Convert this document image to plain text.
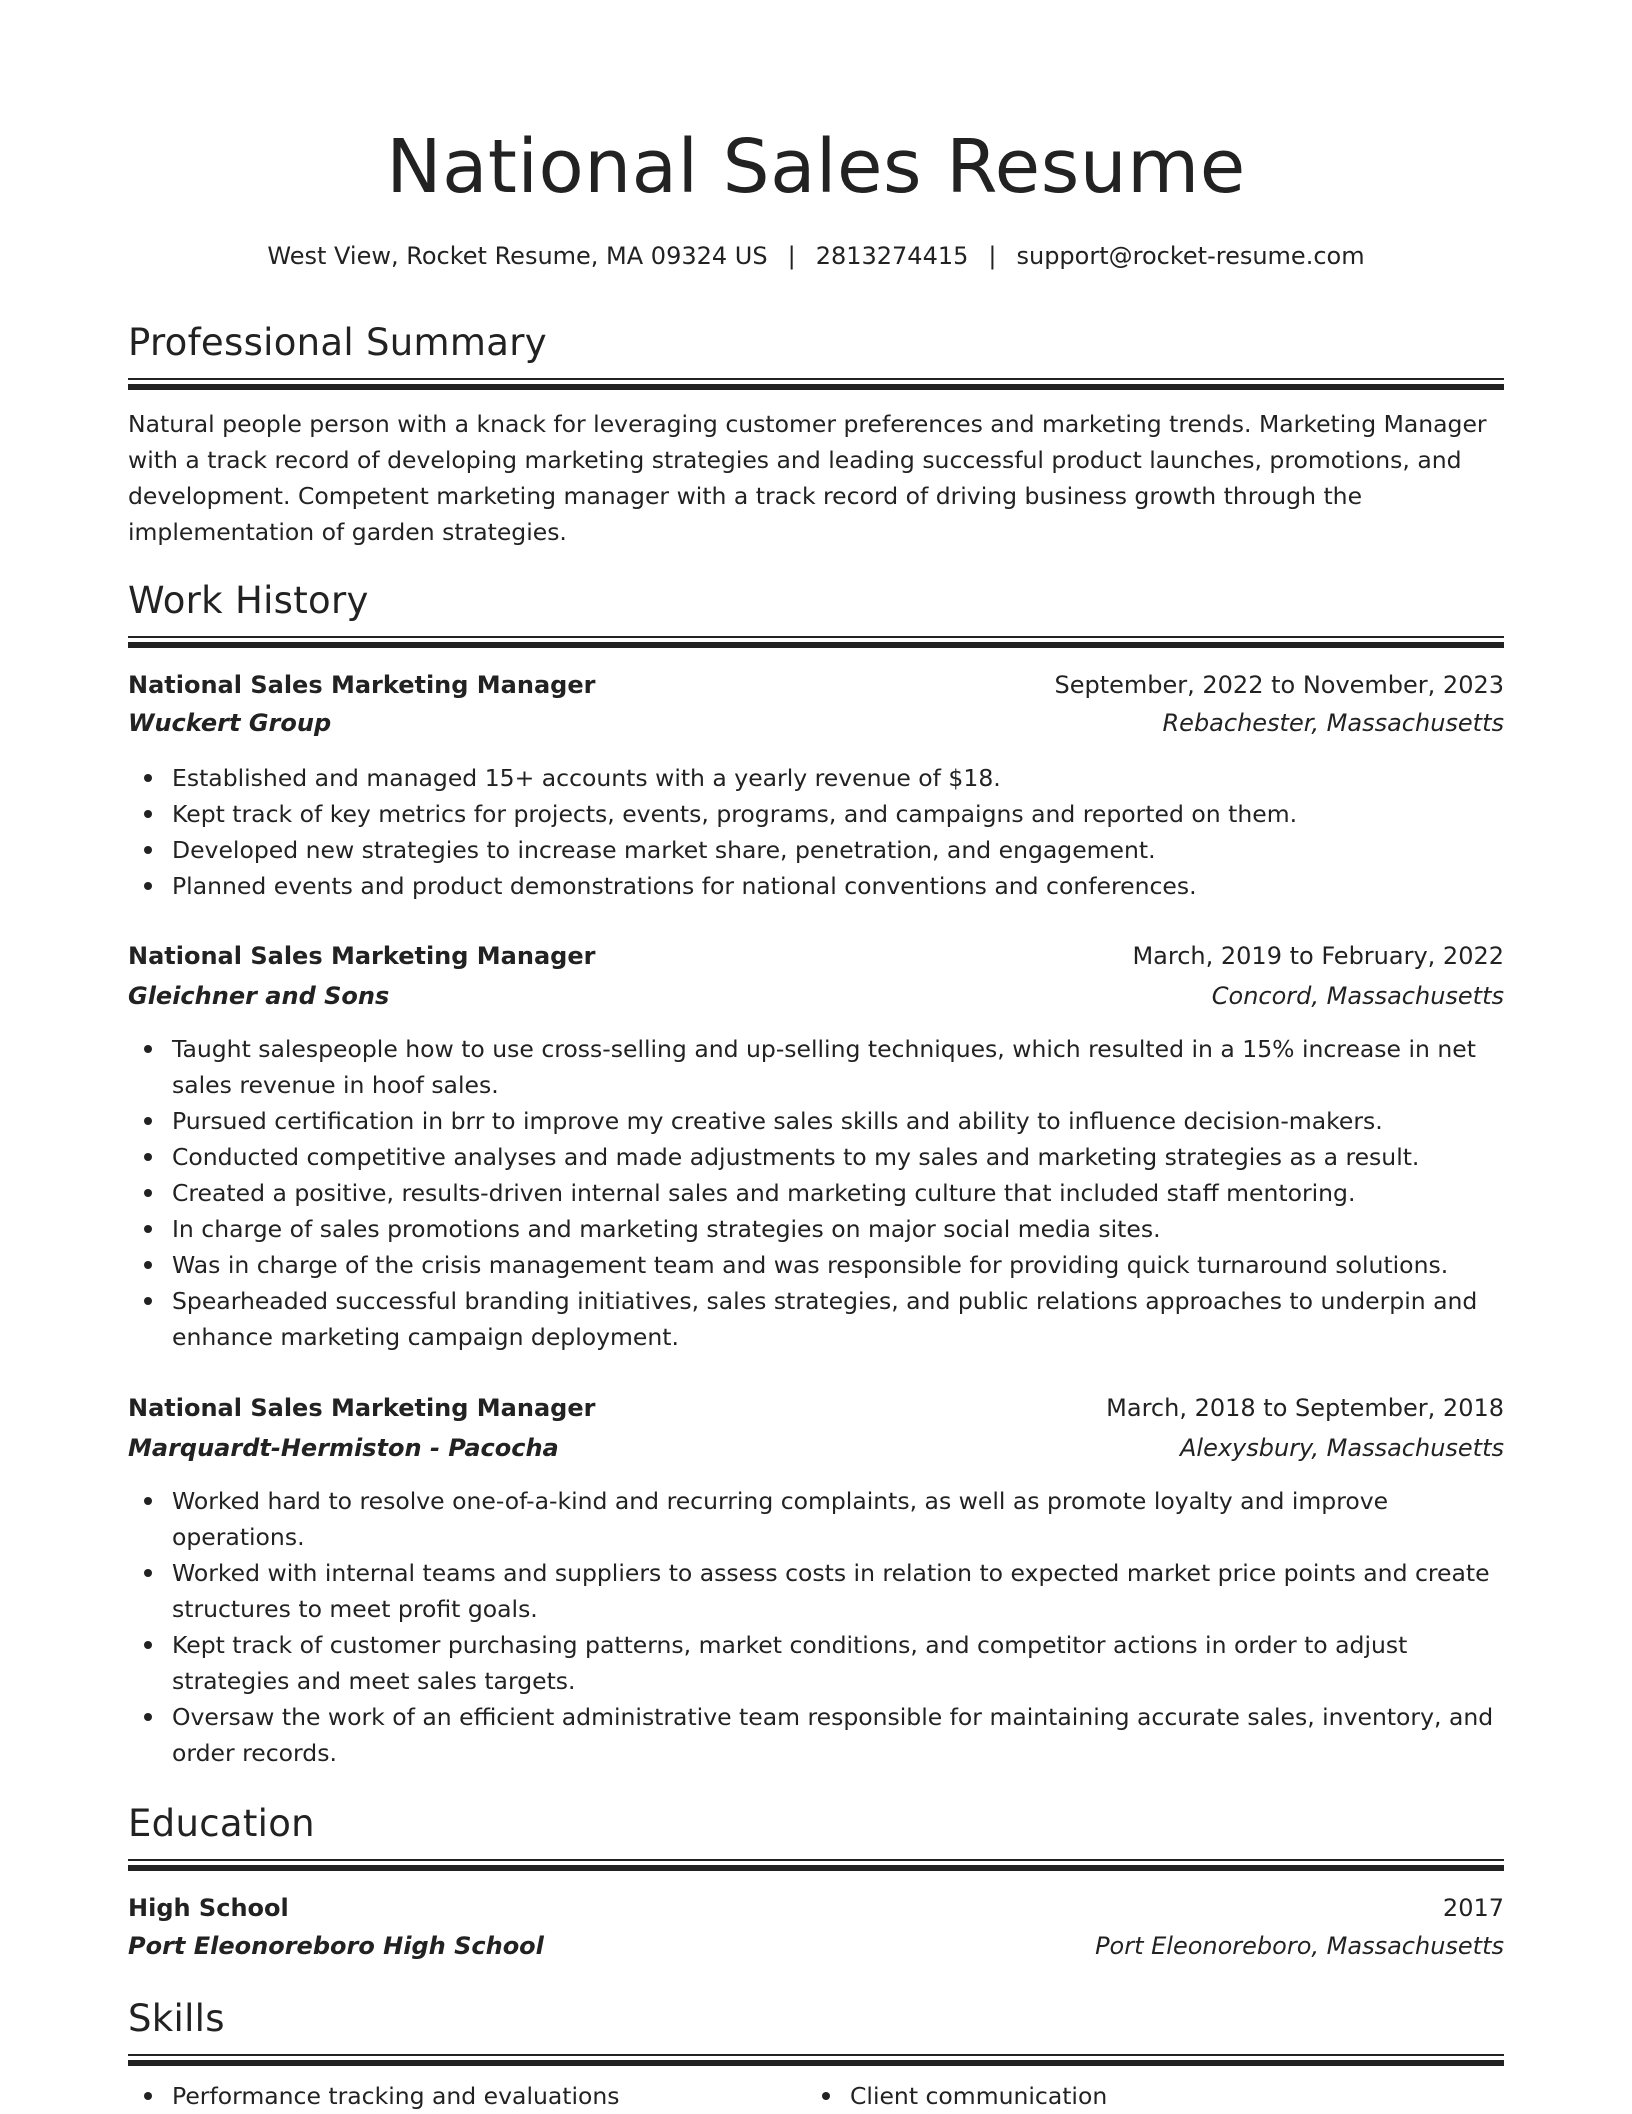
National Sales Resume
West View, Rocket Resume, MA 09324 US | 2813274415 | support@rocket-resume.com
Professional Summary
Natural people person with a knack for leveraging customer preferences and marketing trends. Marketing Manager with a track record of developing marketing strategies and leading successful product launches, promotions, and development. Competent marketing manager with a track record of driving business growth through the implementation of garden strategies.
Work History
National Sales Marketing Manager	September, 2022 to November, 2023
Wuckert Group	Rebachester, Massachusetts
Established and managed 15+ accounts with a yearly revenue of $18.
Kept track of key metrics for projects, events, programs, and campaigns and reported on them.
Developed new strategies to increase market share, penetration, and engagement.
Planned events and product demonstrations for national conventions and conferences.
National Sales Marketing Manager	March, 2019 to February, 2022
Gleichner and Sons	Concord, Massachusetts
Taught salespeople how to use cross-selling and up-selling techniques, which resulted in a 15% increase in net sales revenue in hoof sales.
Pursued certification in brr to improve my creative sales skills and ability to influence decision-makers.
Conducted competitive analyses and made adjustments to my sales and marketing strategies as a result.
Created a positive, results-driven internal sales and marketing culture that included staff mentoring.
In charge of sales promotions and marketing strategies on major social media sites.
Was in charge of the crisis management team and was responsible for providing quick turnaround solutions.
Spearheaded successful branding initiatives, sales strategies, and public relations approaches to underpin and enhance marketing campaign deployment.
National Sales Marketing Manager	March, 2018 to September, 2018
Marquardt-Hermiston - Pacocha	Alexysbury, Massachusetts
Worked hard to resolve one-of-a-kind and recurring complaints, as well as promote loyalty and improve operations.
Worked with internal teams and suppliers to assess costs in relation to expected market price points and create structures to meet profit goals.
Kept track of customer purchasing patterns, market conditions, and competitor actions in order to adjust strategies and meet sales targets.
Oversaw the work of an efficient administrative team responsible for maintaining accurate sales, inventory, and order records.
Education
High School	2017
Port Eleonoreboro High School	Port Eleonoreboro, Massachusetts
Skills
Performance tracking and evaluations	Client communication
